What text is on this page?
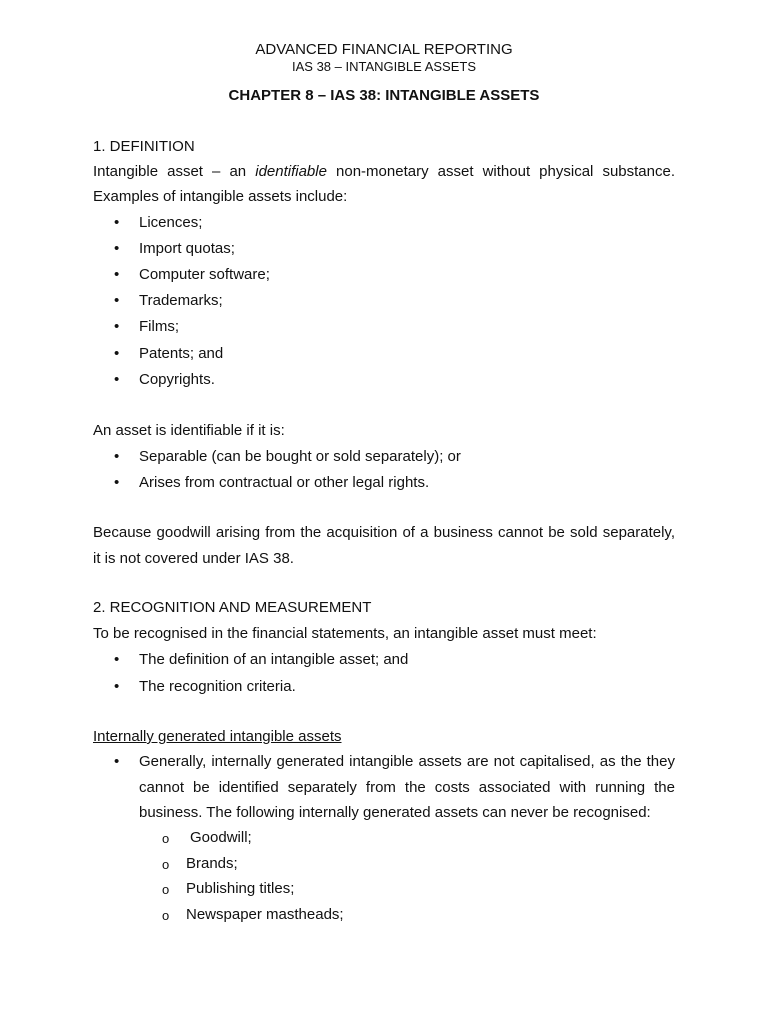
ADVANCED FINANCIAL REPORTING
IAS 38 – INTANGIBLE ASSETS
CHAPTER 8 – IAS 38: INTANGIBLE ASSETS
1. DEFINITION
Intangible asset – an identifiable non-monetary asset without physical substance.
Examples of intangible assets include:
• Licences;
• Import quotas;
• Computer software;
• Trademarks;
• Films;
• Patents; and
• Copyrights.
An asset is identifiable if it is:
• Separable (can be bought or sold separately); or
• Arises from contractual or other legal rights.
Because goodwill arising from the acquisition of a business cannot be sold separately,
it is not covered under IAS 38.
2. RECOGNITION AND MEASUREMENT
To be recognised in the financial statements, an intangible asset must meet:
• The definition of an intangible asset; and
• The recognition criteria.
Internally generated intangible assets
• Generally, internally generated intangible assets are not capitalised, as the they
cannot be identified separately from the costs associated with running the
business. The following internally generated assets can never be recognised:
o Goodwill;
o Brands;
o Publishing titles;
o Newspaper mastheads;
